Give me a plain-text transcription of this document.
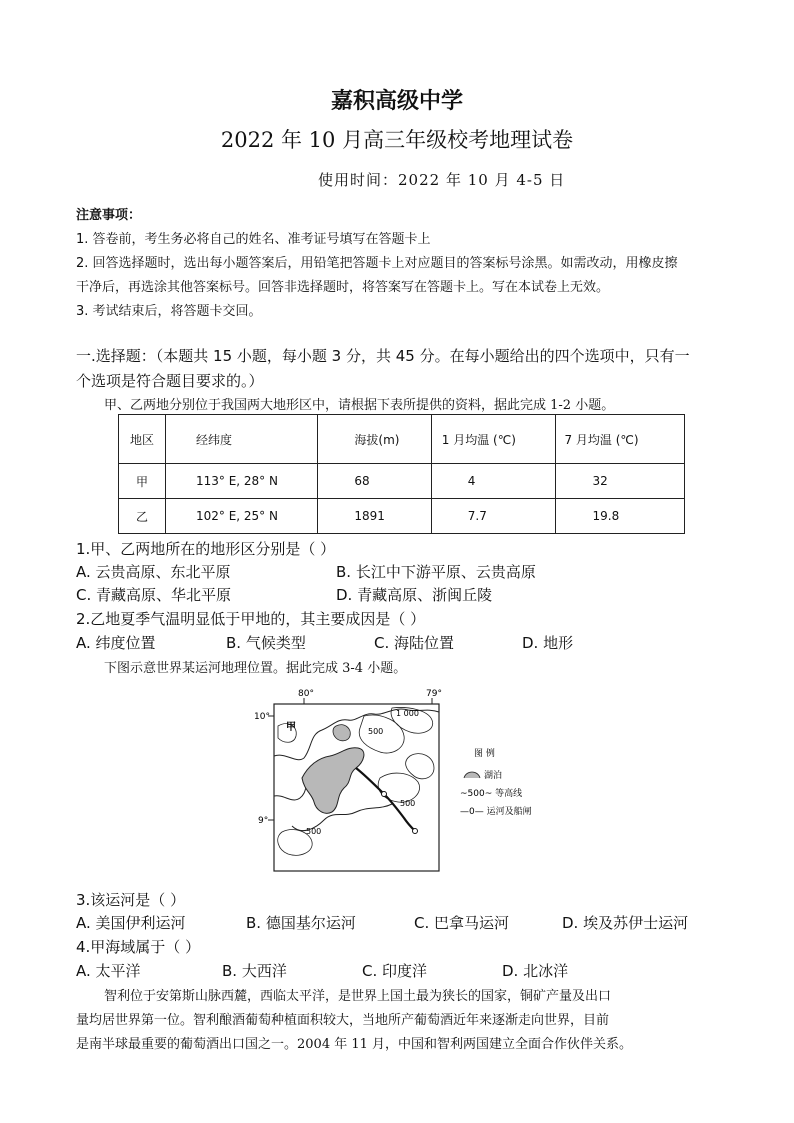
嘉积高级中学
2022 年 10 月高三年级校考地理试卷
使用时间：2022 年 10 月 4-5 日
注意事项：
1. 答卷前，考生务必将自己的姓名、准考证号填写在答题卡上
2. 回答选择题时，选出每小题答案后，用铅笔把答题卡上对应题目的答案标号涂黑。如需改动，用橡皮擦
干净后，再选涂其他答案标号。回答非选择题时，将答案写在答题卡上。写在本试卷上无效。
3. 考试结束后，将答题卡交回。
一.选择题：（本题共 15 小题，每小题 3 分，共 45 分。在每小题给出的四个选项中，只有一
个选项是符合题目要求的。）
甲、乙两地分别位于我国两大地形区中，请根据下表所提供的资料，据此完成 1-2 小题。
地区	经纬度	海拔(m)	1 月均温 (℃)	7 月均温 (℃)
甲	113° E, 28° N	68	4	32
乙	102° E, 25° N	1891	7.7	19.8
1.甲、乙两地所在的地形区分别是（ ）
A. 云贵高原、东北平原	B. 长江中下游平原、云贵高原
C. 青藏高原、华北平原	D. 青藏高原、浙闽丘陵
2.乙地夏季气温明显低于甲地的，其主要成因是（ ）
A. 纬度位置	B. 气候类型	C. 海陆位置	D. 地形
下图示意世界某运河地理位置。据此完成 3-4 小题。
80°	79°
10°
9°
甲
1 000
500
500
500
图 例
湖泊
~500~ 等高线
—0— 运河及船闸
3.该运河是（ ）
A. 美国伊利运河	B. 德国基尔运河	C. 巴拿马运河	D. 埃及苏伊士运河
4.甲海域属于（ ）
A. 太平洋	B. 大西洋	C. 印度洋	D. 北冰洋
智利位于安第斯山脉西麓，西临太平洋，是世界上国土最为狭长的国家，铜矿产量及出口
量均居世界第一位。智利酿酒葡萄种植面积较大，当地所产葡萄酒近年来逐渐走向世界，目前
是南半球最重要的葡萄酒出口国之一。2004 年 11 月，中国和智利两国建立全面合作伙伴关系。
